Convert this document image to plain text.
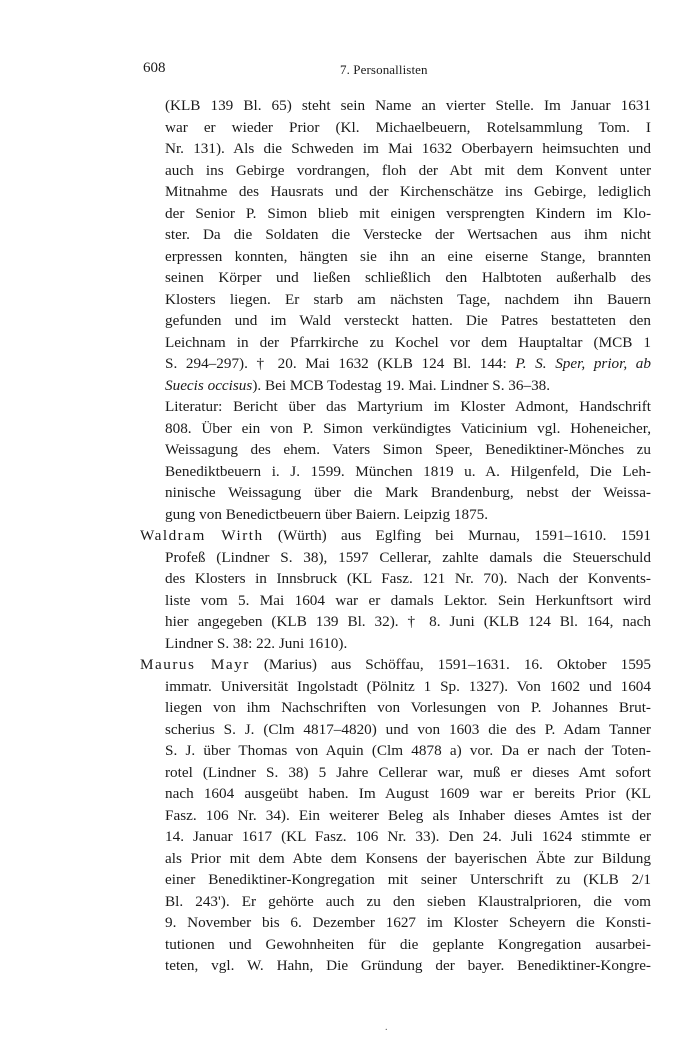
608	7. Personallisten
(KLB 139 Bl. 65) steht sein Name an vierter Stelle. Im Januar 1631
war er wieder Prior (Kl. Michaelbeuern, Rotelsammlung Tom. I
Nr. 131). Als die Schweden im Mai 1632 Oberbayern heimsuchten und
auch ins Gebirge vordrangen, floh der Abt mit dem Konvent unter
Mitnahme des Hausrats und der Kirchenschätze ins Gebirge, lediglich
der Senior P. Simon blieb mit einigen versprengten Kindern im Klo-
ster. Da die Soldaten die Verstecke der Wertsachen aus ihm nicht
erpressen konnten, hängten sie ihn an eine eiserne Stange, brannten
seinen Körper und ließen schließlich den Halbtoten außerhalb des
Klosters liegen. Er starb am nächsten Tage, nachdem ihn Bauern
gefunden und im Wald versteckt hatten. Die Patres bestatteten den
Leichnam in der Pfarrkirche zu Kochel vor dem Hauptaltar (MCB 1
S. 294–297). † 20. Mai 1632 (KLB 124 Bl. 144: P. S. Sper, prior, ab
Suecis occisus). Bei MCB Todestag 19. Mai. Lindner S. 36–38.
Literatur: Bericht über das Martyrium im Kloster Admont, Handschrift
808. Über ein von P. Simon verkündigtes Vaticinium vgl. Hoheneicher,
Weissagung des ehem. Vaters Simon Speer, Benediktiner-Mönches zu
Benediktbeuern i. J. 1599. München 1819 u. A. Hilgenfeld, Die Leh-
ninische Weissagung über die Mark Brandenburg, nebst der Weissa-
gung von Benedictbeuern über Baiern. Leipzig 1875.
Waldram Wirth (Würth) aus Eglfing bei Murnau, 1591–1610. 1591
Profeß (Lindner S. 38), 1597 Cellerar, zahlte damals die Steuerschuld
des Klosters in Innsbruck (KL Fasz. 121 Nr. 70). Nach der Konvents-
liste vom 5. Mai 1604 war er damals Lektor. Sein Herkunftsort wird
hier angegeben (KLB 139 Bl. 32). † 8. Juni (KLB 124 Bl. 164, nach
Lindner S. 38: 22. Juni 1610).
Maurus Mayr (Marius) aus Schöffau, 1591–1631. 16. Oktober 1595
immatr. Universität Ingolstadt (Pölnitz 1 Sp. 1327). Von 1602 und 1604
liegen von ihm Nachschriften von Vorlesungen von P. Johannes Brut-
scherius S. J. (Clm 4817–4820) und von 1603 die des P. Adam Tanner
S. J. über Thomas von Aquin (Clm 4878 a) vor. Da er nach der Toten-
rotel (Lindner S. 38) 5 Jahre Cellerar war, muß er dieses Amt sofort
nach 1604 ausgeübt haben. Im August 1609 war er bereits Prior (KL
Fasz. 106 Nr. 34). Ein weiterer Beleg als Inhaber dieses Amtes ist der
14. Januar 1617 (KL Fasz. 106 Nr. 33). Den 24. Juli 1624 stimmte er
als Prior mit dem Abte dem Konsens der bayerischen Äbte zur Bildung
einer Benediktiner-Kongregation mit seiner Unterschrift zu (KLB 2/1
Bl. 243'). Er gehörte auch zu den sieben Klaustralprioren, die vom
9. November bis 6. Dezember 1627 im Kloster Scheyern die Konsti-
tutionen und Gewohnheiten für die geplante Kongregation ausarbei-
teten, vgl. W. Hahn, Die Gründung der bayer. Benediktiner-Kongre-
.
